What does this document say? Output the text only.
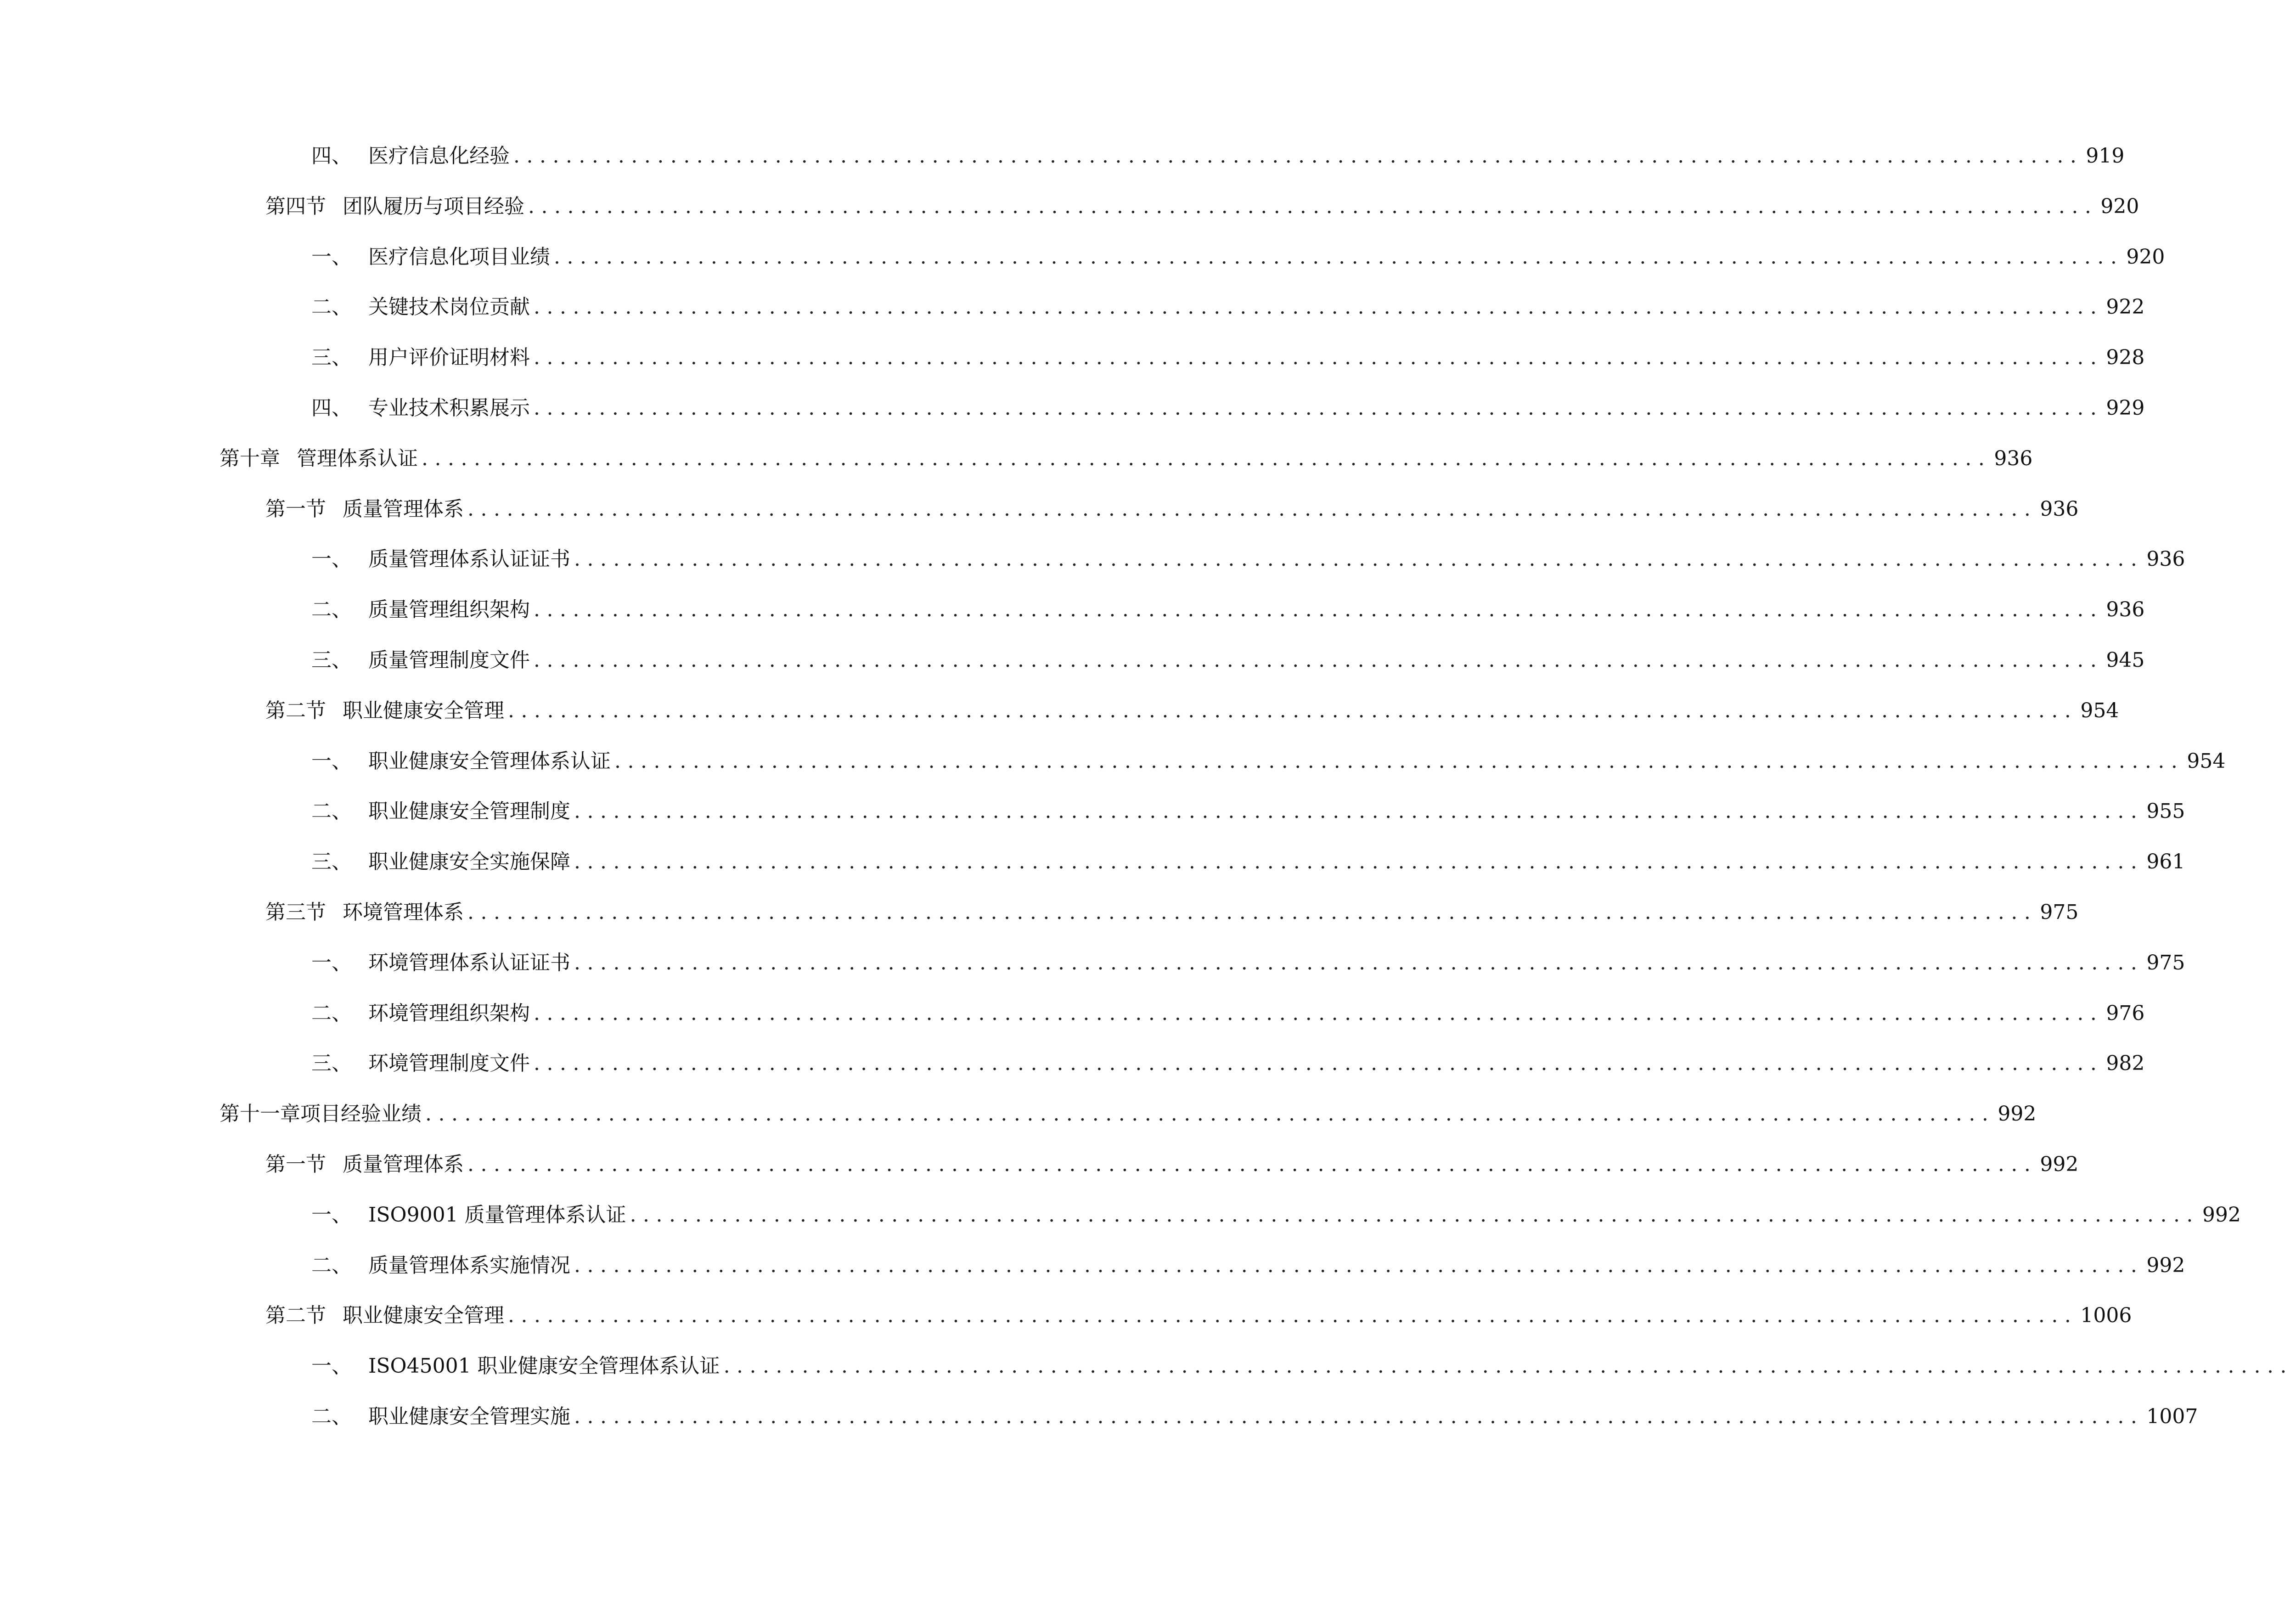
四、 医疗信息化经验 ........................................................................................................................ 919
第四节 团队履历与项目经验 ........................................................................................................................ 920
一、 医疗信息化项目业绩 ........................................................................................................................ 920
二、 关键技术岗位贡献 ........................................................................................................................ 922
三、 用户评价证明材料 ........................................................................................................................ 928
四、 专业技术积累展示 ........................................................................................................................ 929
第十章 管理体系认证 ........................................................................................................................ 936
第一节 质量管理体系 ........................................................................................................................ 936
一、 质量管理体系认证证书 ........................................................................................................................ 936
二、 质量管理组织架构 ........................................................................................................................ 936
三、 质量管理制度文件 ........................................................................................................................ 945
第二节 职业健康安全管理 ........................................................................................................................ 954
一、 职业健康安全管理体系认证 ........................................................................................................................ 954
二、 职业健康安全管理制度 ........................................................................................................................ 955
三、 职业健康安全实施保障 ........................................................................................................................ 961
第三节 环境管理体系 ........................................................................................................................ 975
一、 环境管理体系认证证书 ........................................................................................................................ 975
二、 环境管理组织架构 ........................................................................................................................ 976
三、 环境管理制度文件 ........................................................................................................................ 982
第十一章项目经验业绩 ........................................................................................................................ 992
第一节 质量管理体系 ........................................................................................................................ 992
一、 ISO9001 质量管理体系认证 ........................................................................................................................ 992
二、 质量管理体系实施情况 ........................................................................................................................ 992
第二节 职业健康安全管理 ........................................................................................................................ 1006
一、 ISO45001 职业健康安全管理体系认证 ........................................................................................................................
二、 职业健康安全管理实施 ........................................................................................................................ 1007
